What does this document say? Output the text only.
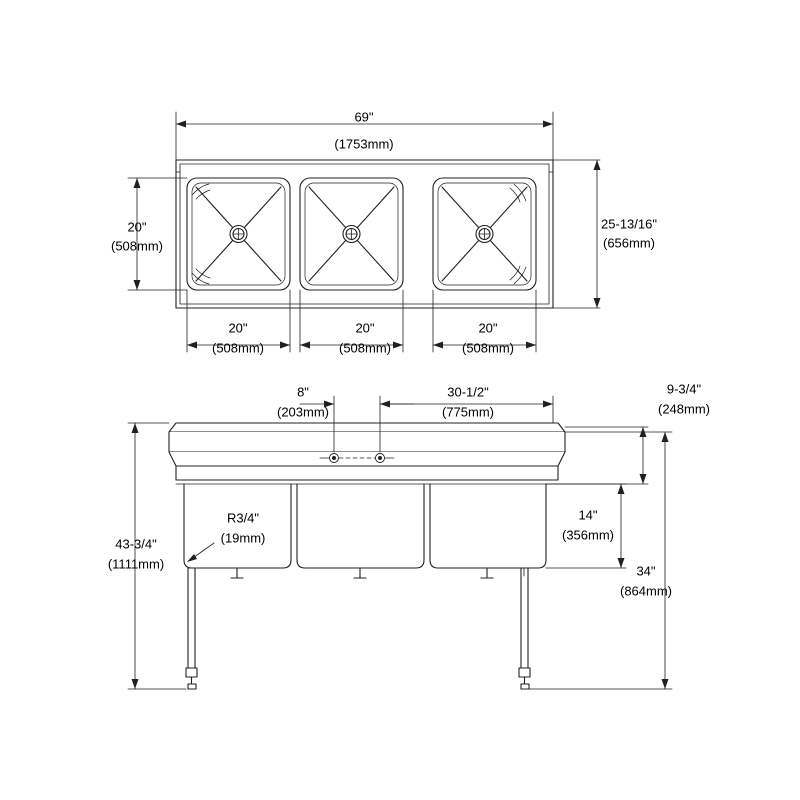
69"
(1753mm)
20"
(508mm)
25-13/16"
(656mm)
20"
(508mm)
20"
(508mm)
20"
(508mm)
8"
(203mm)
30-1/2"
(775mm)
9-3/4"
(248mm)
43-3/4"
(1111mm)
14"
(356mm)
34"
(864mm)
R3/4"
(19mm)
